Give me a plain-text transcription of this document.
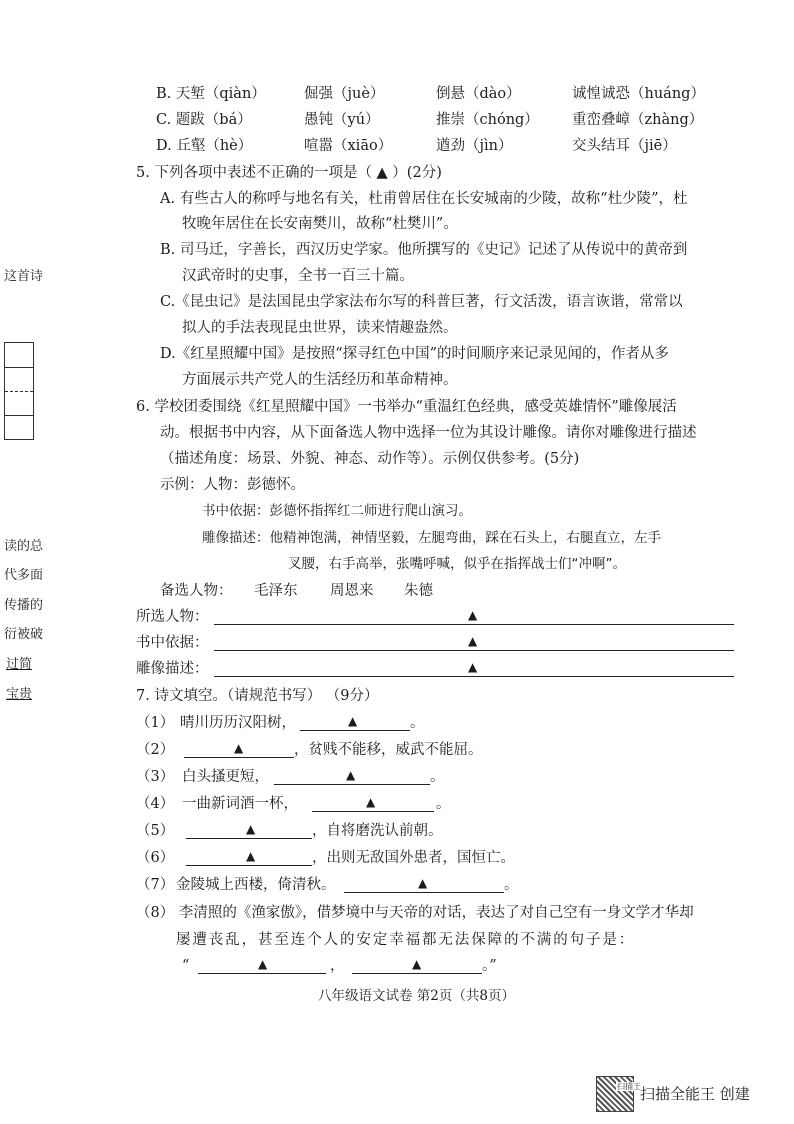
这首诗
读的总
代多面
传播的
衍被破
过简
宝贵
B. 天堑（qiàn）	倔强（juè）	倒悬（dào）	诚惶诚恐（huáng）
C. 题跋（bá）	愚钝（yú）	推崇（chóng） 重峦叠嶂（zhàng）
D. 丘壑（hè）	喧嚣（xiāo）	遒劲（jìn）	交头结耳（jiē）
5. 下列各项中表述不正确的一项是（ ▲ ）(2分)
A. 有些古人的称呼与地名有关，杜甫曾居住在长安城南的少陵，故称“杜少陵”，杜
牧晚年居住在长安南樊川，故称“杜樊川”。
B. 司马迁，字善长，西汉历史学家。他所撰写的《史记》记述了从传说中的黄帝到
汉武帝时的史事，全书一百三十篇。
C.《昆虫记》是法国昆虫学家法布尔写的科普巨著，行文活泼，语言诙谐，常常以
拟人的手法表现昆虫世界，读来情趣盎然。
D.《红星照耀中国》是按照“探寻红色中国”的时间顺序来记录见闻的，作者从多
方面展示共产党人的生活经历和革命精神。
6. 学校团委围绕《红星照耀中国》一书举办“重温红色经典，感受英雄情怀”雕像展活
动。根据书中内容，从下面备选人物中选择一位为其设计雕像。请你对雕像进行描述
（描述角度：场景、外貌、神态、动作等）。示例仅供参考。(5分)
示例：人物：彭德怀。
书中依据：彭德怀指挥红二师进行爬山演习。
雕像描述：他精神饱满，神情坚毅，左腿弯曲，踩在石头上，右腿直立，左手
叉腰，右手高举，张嘴呼喊，似乎在指挥战士们“冲啊”。
备选人物： 毛泽东 周恩来 朱德
所选人物：	▲
书中依据：	▲
雕像描述：	▲
7. 诗文填空。（请规范书写） （9分）
（1） 晴川历历汉阳树，	▲	。
（2）	▲	，贫贱不能移，威武不能屈。
（3） 白头搔更短，	▲	。
（4） 一曲新词酒一杯，	▲	。
（5）	▲	，自将磨洗认前朝。
（6）	▲	，出则无敌国外患者，国恒亡。
（7） 金陵城上西楼，倚清秋。	▲	。
（8） 李清照的《渔家傲》，借梦境中与天帝的对话，表达了对自己空有一身文学才华却
屡遭丧乱，甚至连个人的安定幸福都无法保障的不满的句子是：
“	▲	，	▲	。”
八年级语文试卷 第2页（共8页）
扫描王 扫描全能王 创建
